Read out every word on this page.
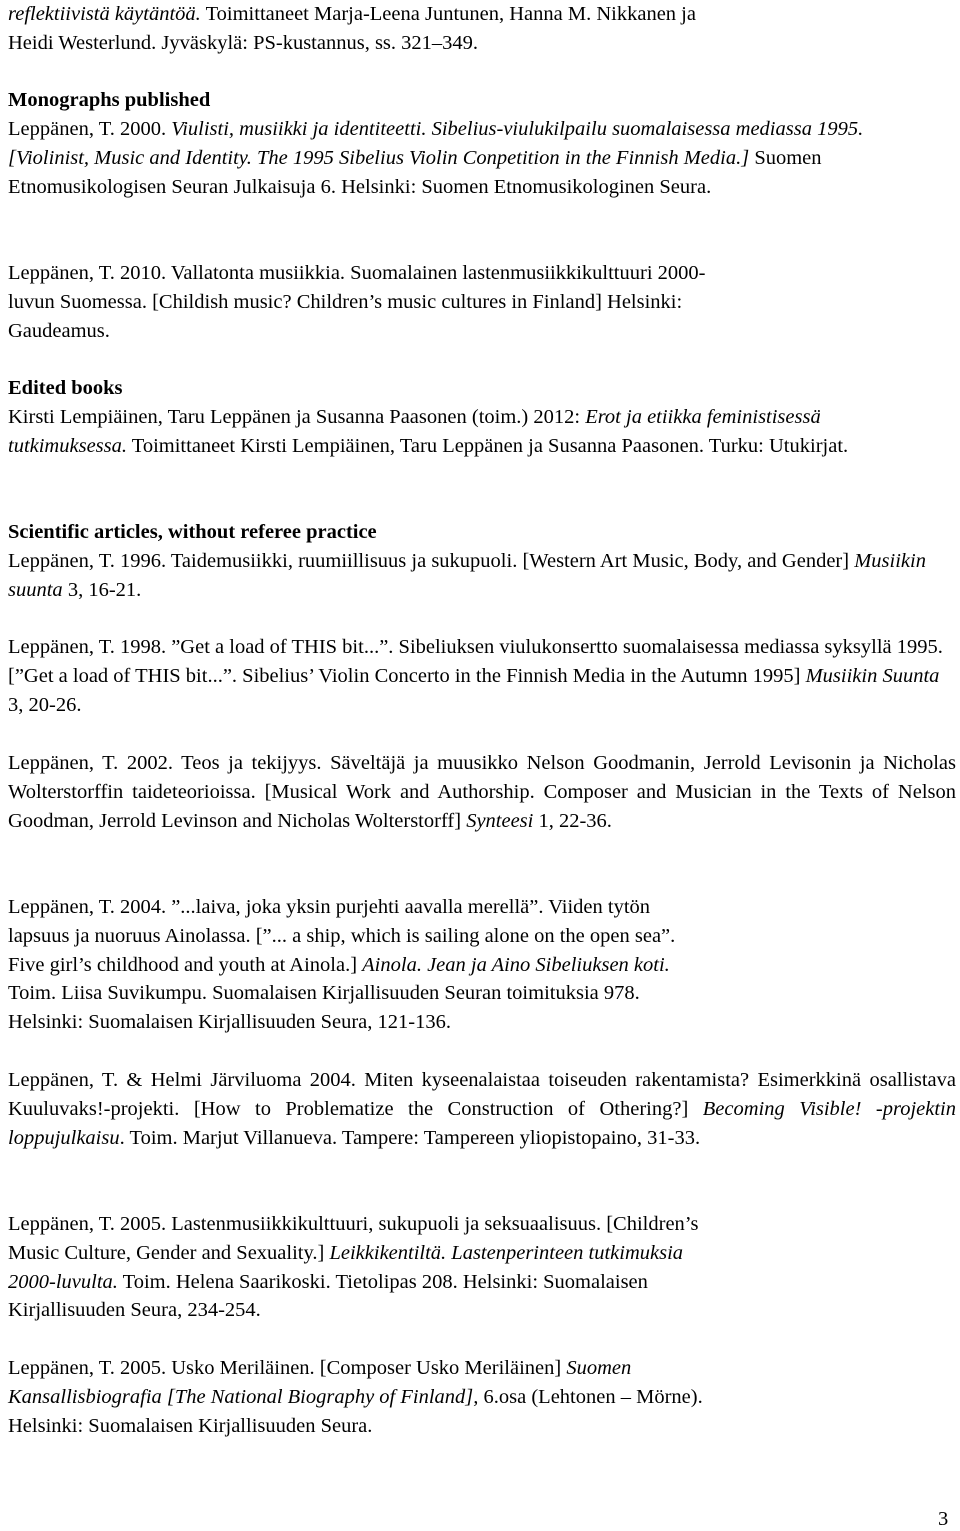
reflektiivistä käytäntöä. Toimittaneet Marja-Leena Juntunen, Hanna M. Nikkanen ja
Heidi Westerlund. Jyväskylä: PS-kustannus, ss. 321–349.
Monographs published
Leppänen, T. 2000. Viulisti, musiikki ja identiteetti. Sibelius-viulukilpailu suomalaisessa mediassa 1995. [Violinist, Music and Identity. The 1995 Sibelius Violin Conpetition in the Finnish Media.] Suomen Etnomusikologisen Seuran Julkaisuja 6. Helsinki: Suomen Etnomusikologinen Seura.
Leppänen, T. 2010. Vallatonta musiikkia. Suomalainen lastenmusiikkikulttuuri 2000-
luvun Suomessa. [Childish music? Children’s music cultures in Finland] Helsinki:
Gaudeamus.
Edited books
Kirsti Lempiäinen, Taru Leppänen ja Susanna Paasonen (toim.) 2012: Erot ja etiikka feministisessä tutkimuksessa. Toimittaneet Kirsti Lempiäinen, Taru Leppänen ja Susanna Paasonen. Turku: Utukirjat.
Scientific articles, without referee practice
Leppänen, T. 1996. Taidemusiikki, ruumiillisuus ja sukupuoli. [Western Art Music, Body, and Gender] Musiikin suunta 3, 16-21.
Leppänen, T. 1998. ”Get a load of THIS bit...”. Sibeliuksen viulukonsertto suomalaisessa mediassa syksyllä 1995. [”Get a load of THIS bit...”. Sibelius’ Violin Concerto in the Finnish Media in the Autumn 1995] Musiikin Suunta 3, 20-26.
Leppänen, T. 2002. Teos ja tekijyys. Säveltäjä ja muusikko Nelson Goodmanin, Jerrold Levisonin ja Nicholas Wolterstorffin taideteorioissa. [Musical Work and Authorship. Composer and Musician in the Texts of Nelson Goodman, Jerrold Levinson and Nicholas Wolterstorff] Synteesi 1, 22-36.
Leppänen, T. 2004. ”...laiva, joka yksin purjehti aavalla merellä”. Viiden tytön
lapsuus ja nuoruus Ainolassa. [”... a ship, which is sailing alone on the open sea”.
Five girl’s childhood and youth at Ainola.] Ainola. Jean ja Aino Sibeliuksen koti.
Toim. Liisa Suvikumpu. Suomalaisen Kirjallisuuden Seuran toimituksia 978.
Helsinki: Suomalaisen Kirjallisuuden Seura, 121-136.
Leppänen, T. & Helmi Järviluoma 2004. Miten kyseenalaistaa toiseuden rakentamista? Esimerkkinä osallistava Kuuluvaks!-projekti. [How to Problematize the Construction of Othering?] Becoming Visible! -projektin loppujulkaisu. Toim. Marjut Villanueva. Tampere: Tampereen yliopistopaino, 31-33.
Leppänen, T. 2005. Lastenmusiikkikulttuuri, sukupuoli ja seksuaalisuus. [Children’s
Music Culture, Gender and Sexuality.] Leikkikentiltä. Lastenperinteen tutkimuksia
2000-luvulta. Toim. Helena Saarikoski. Tietolipas 208. Helsinki: Suomalaisen
Kirjallisuuden Seura, 234-254.
Leppänen, T. 2005. Usko Meriläinen. [Composer Usko Meriläinen] Suomen
Kansallisbiografia [The National Biography of Finland], 6.osa (Lehtonen – Mörne).
Helsinki: Suomalaisen Kirjallisuuden Seura.
3
